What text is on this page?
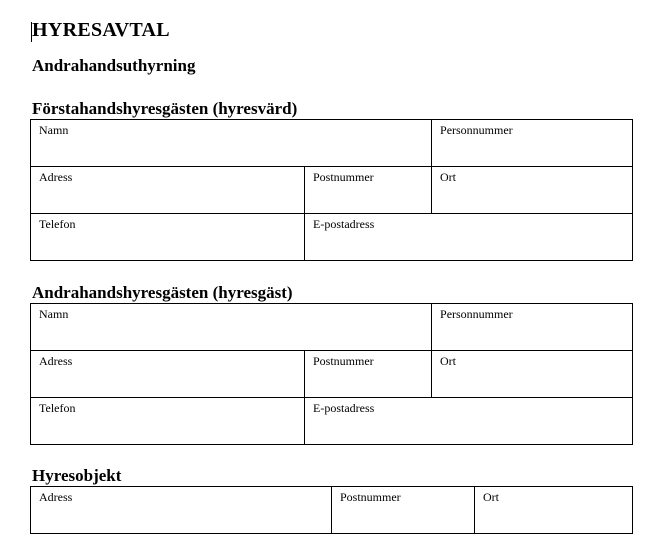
HYRESAVTAL
Andrahandsuthyrning
Förstahandshyresgästen (hyresvärd)
Namn		Personnummer
Adress	Postnummer	Ort
Telefon	E-postadress	
Andrahandshyresgästen (hyresgäst)
Namn		Personnummer
Adress	Postnummer	Ort
Telefon	E-postadress	
Hyresobjekt
Adress	Postnummer	Ort
